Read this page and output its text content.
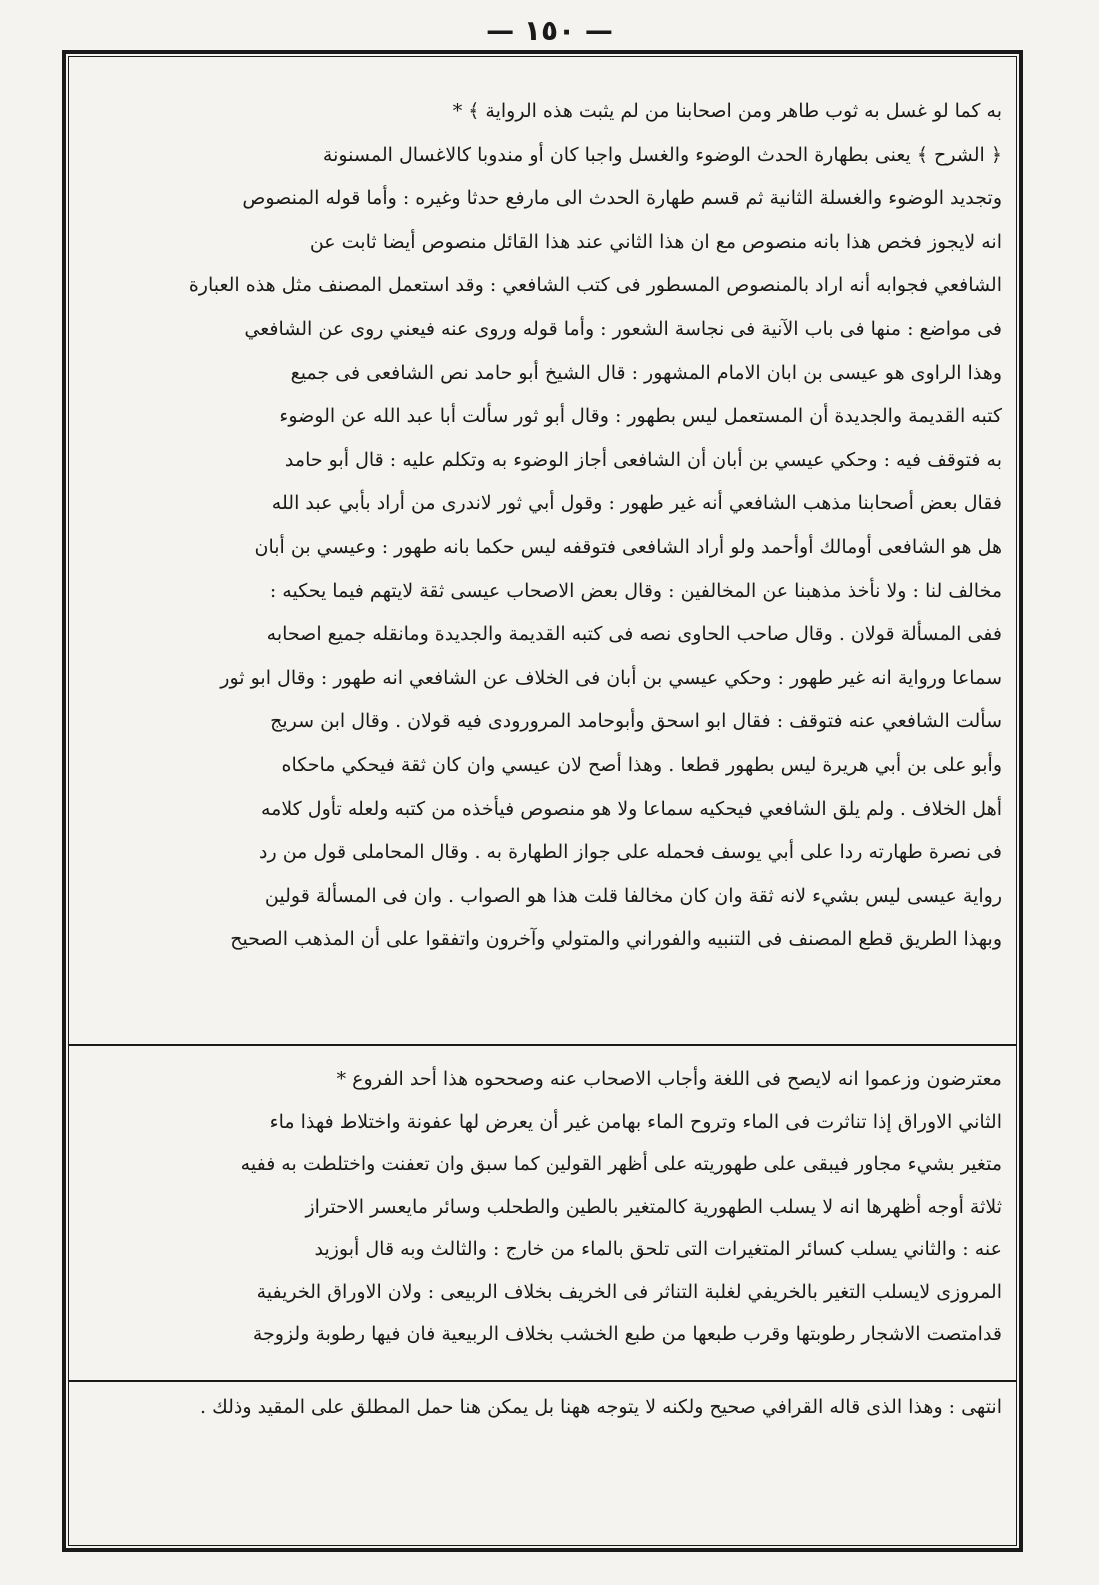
— ١٥٠ —
به كما لو غسل به ثوب طاهر ومن اصحابنا من لم يثبت هذه الرواية ﴾ *
﴿ الشرح ﴾ يعنى بطهارة الحدث الوضوء والغسل واجبا كان أو مندوبا كالاغسال المسنونة
وتجديد الوضوء والغسلة الثانية ثم قسم طهارة الحدث الى مارفع حدثا وغيره : وأما قوله المنصوص
انه لايجوز فخص هذا بانه منصوص مع ان هذا الثاني عند هذا القائل منصوص أيضا ثابت عن
الشافعي فجوابه أنه اراد بالمنصوص المسطور فى كتب الشافعي : وقد استعمل المصنف مثل هذه العبارة
فى مواضع : منها فى باب الآنية فى نجاسة الشعور : وأما قوله وروى عنه فيعني روى عن الشافعي
وهذا الراوى هو عيسى بن ابان الامام المشهور : قال الشيخ أبو حامد نص الشافعى فى جميع
كتبه القديمة والجديدة أن المستعمل ليس بطهور : وقال أبو ثور سألت أبا عبد الله عن الوضوء
به فتوقف فيه : وحكي عيسي بن أبان أن الشافعى أجاز الوضوء به وتكلم عليه : قال أبو حامد
فقال بعض أصحابنا مذهب الشافعي أنه غير طهور : وقول أبي ثور لاندرى من أراد بأبي عبد الله
هل هو الشافعى أومالك أوأحمد ولو أراد الشافعى فتوقفه ليس حكما بانه طهور : وعيسي بن أبان
مخالف لنا : ولا نأخذ مذهبنا عن المخالفين : وقال بعض الاصحاب عيسى ثقة لايتهم فيما يحكيه :
ففى المسألة قولان . وقال صاحب الحاوى نصه فى كتبه القديمة والجديدة ومانقله جميع اصحابه
سماعا ورواية انه غير طهور : وحكي عيسي بن أبان فى الخلاف عن الشافعي انه طهور : وقال ابو ثور
سألت الشافعي عنه فتوقف : فقال ابو اسحق وأبوحامد المرورودى فيه قولان . وقال ابن سريج
وأبو على بن أبي هريرة ليس بطهور قطعا . وهذا أصح لان عيسي وان كان ثقة فيحكي ماحكاه
أهل الخلاف . ولم يلق الشافعي فيحكيه سماعا ولا هو منصوص فيأخذه من كتبه ولعله تأول كلامه
فى نصرة طهارته ردا على أبي يوسف فحمله على جواز الطهارة به . وقال المحاملى قول من رد
رواية عيسى ليس بشيء لانه ثقة وان كان مخالفا قلت هذا هو الصواب . وان فى المسألة قولين
وبهذا الطريق قطع المصنف فى التنبيه والفوراني والمتولي وآخرون واتفقوا على أن المذهب الصحيح
معترضون وزعموا انه لايصح فى اللغة وأجاب الاصحاب عنه وصححوه هذا أحد الفروع *
الثاني الاوراق إذا تناثرت فى الماء وتروح الماء بهامن غير أن يعرض لها عفونة واختلاط فهذا ماء
متغير بشيء مجاور فيبقى على طهوريته على أظهر القولين كما سبق وان تعفنت واختلطت به ففيه
ثلاثة أوجه أظهرها انه لا يسلب الطهورية كالمتغير بالطين والطحلب وسائر مايعسر الاحتراز
عنه : والثاني يسلب كسائر المتغيرات التى تلحق بالماء من خارج : والثالث وبه قال أبوزيد
المروزى لايسلب التغير بالخريفي لغلبة التناثر فى الخريف بخلاف الربيعى : ولان الاوراق الخريفية
قدامتصت الاشجار رطوبتها وقرب طبعها من طبع الخشب بخلاف الربيعية فان فيها رطوبة ولزوجة
انتهى : وهذا الذى قاله القرافي صحيح ولكنه لا يتوجه ههنا بل يمكن هنا حمل المطلق على المقيد وذلك .
